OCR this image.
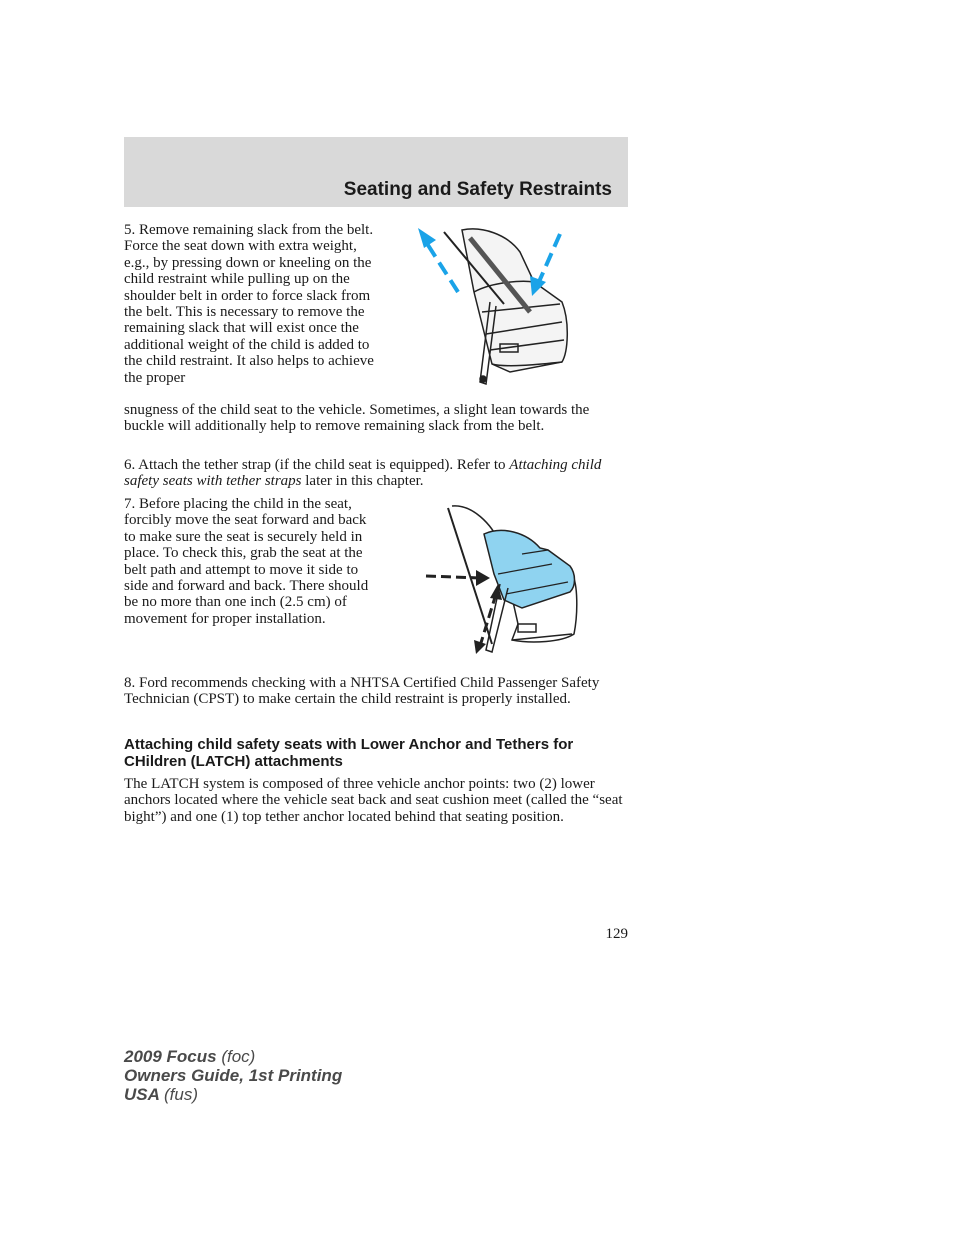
Seating and Safety Restraints

5. Remove remaining slack from the belt. Force the seat down with extra weight, e.g., by pressing down or kneeling on the child restraint while pulling up on the shoulder belt in order to force slack from the belt. This is necessary to remove the remaining slack that will exist once the additional weight of the child is added to the child restraint. It also helps to achieve the proper

snugness of the child seat to the vehicle. Sometimes, a slight lean towards the buckle will additionally help to remove remaining slack from the belt.

6. Attach the tether strap (if the child seat is equipped). Refer to Attaching child safety seats with tether straps later in this chapter.

7. Before placing the child in the seat, forcibly move the seat forward and back to make sure the seat is securely held in place. To check this, grab the seat at the belt path and attempt to move it side to side and forward and back. There should be no more than one inch (2.5 cm) of movement for proper installation.

8. Ford recommends checking with a NHTSA Certified Child Passenger Safety Technician (CPST) to make certain the child restraint is properly installed.

Attaching child safety seats with Lower Anchor and Tethers for CHildren (LATCH) attachments

The LATCH system is composed of three vehicle anchor points: two (2) lower anchors located where the vehicle seat back and seat cushion meet (called the “seat bight”) and one (1) top tether anchor located behind that seating position.

129
2009 Focus (foc)
Owners Guide, 1st Printing
USA (fus)
